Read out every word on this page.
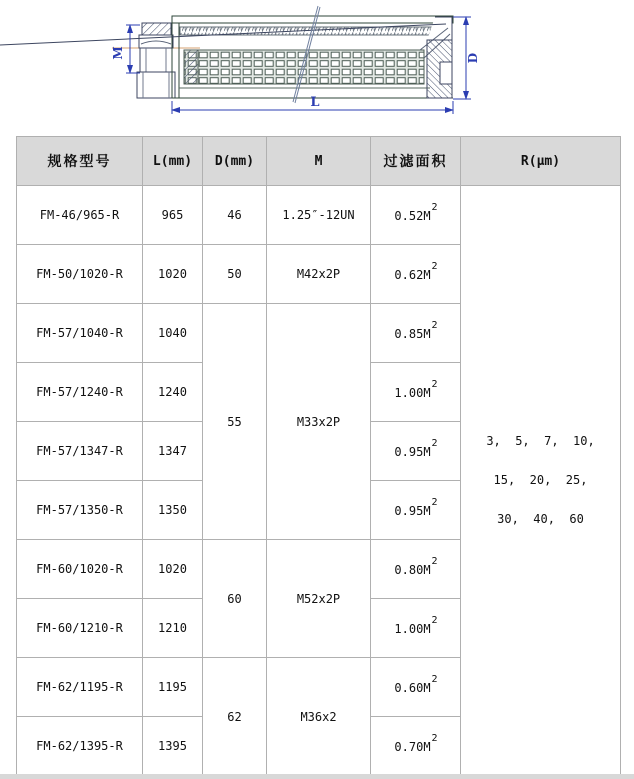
M	D
L
规格型号	L(mm)	D(mm)	M	过滤面积	R(μm)
FM-46/965-R	965	46	1.25″-12UN	$0.52M^2$	3,  5,  7,  10,
15,  20,  25,
30,  40,  60

FM-50/1020-R	1020	50	M42x2P	$0.62M^2$
FM-57/1040-R	1040	55	M33x2P	$0.85M^2$
FM-57/1240-R	1240			$1.00M^2$
FM-57/1347-R	1347			$0.95M^2$
FM-57/1350-R	1350			$0.95M^2$
FM-60/1020-R	1020	60	M52x2P	$0.80M^2$
FM-60/1210-R	1210			$1.00M^2$
FM-62/1195-R	1195	62	M36x2	$0.60M^2$
FM-62/1395-R	1395			$0.70M^2$
